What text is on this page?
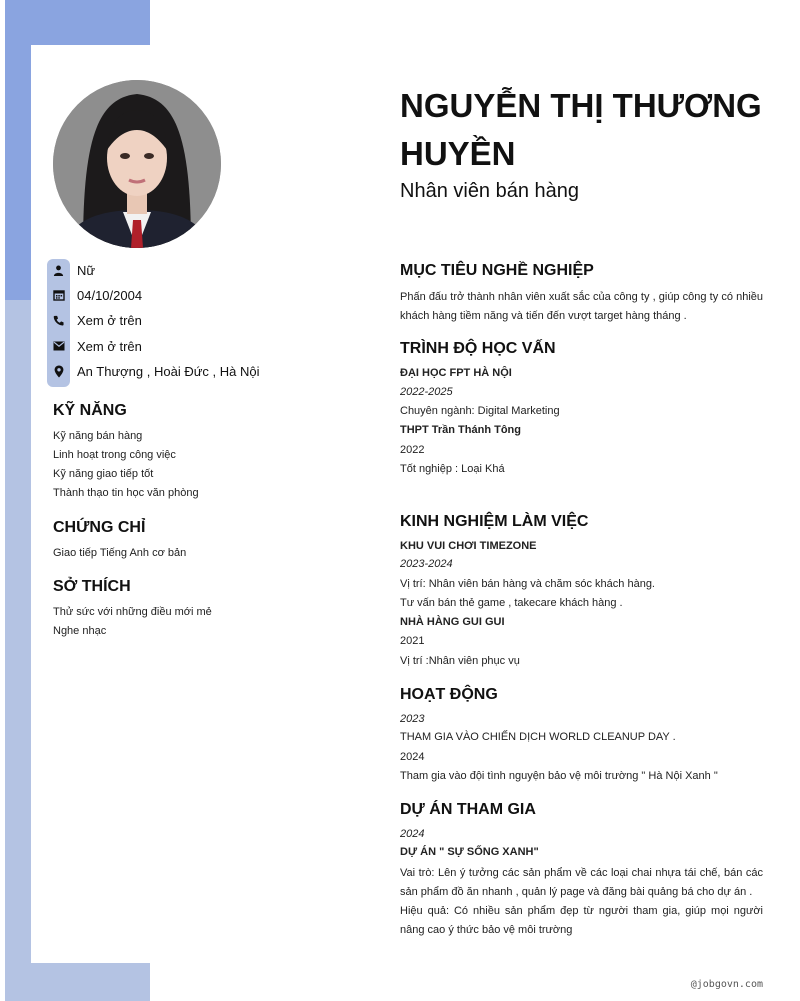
Nữ
04/10/2004
Xem ở trên
Xem ở trên
An Thượng , Hoài Đức , Hà Nội
KỸ NĂNG
Kỹ năng bán hàng
Linh hoạt trong công việc
Kỹ năng giao tiếp tốt
Thành thạo tin học văn phòng
CHỨNG CHỈ
Giao tiếp Tiếng Anh cơ bản
SỞ THÍCH
Thử sức với những điều mới mẻ
Nghe nhạc
NGUYỄN THỊ THƯƠNG HUYỀN
Nhân viên bán hàng
MỤC TIÊU NGHỀ NGHIỆP
Phấn đấu trở thành nhân viên xuất sắc của công ty , giúp công ty có nhiều khách hàng tiềm năng và tiến đến vượt target hàng tháng .
TRÌNH ĐỘ HỌC VẤN
ĐẠI HỌC FPT HÀ NỘI
2022-2025
Chuyên ngành: Digital Marketing
THPT Trần Thánh Tông
2022
Tốt nghiệp : Loại Khá
KINH NGHIỆM LÀM VIỆC
KHU VUI CHƠI TIMEZONE
2023-2024
Vị trí: Nhân viên bán hàng và chăm sóc khách hàng.
Tư vấn bán thẻ game , takecare khách hàng .
NHÀ HÀNG GUI GUI
2021
Vị trí :Nhân viên phục vụ
HOẠT ĐỘNG
2023
THAM GIA VÀO CHIẾN DỊCH WORLD CLEANUP DAY .
2024
Tham gia vào đội tình nguyện bảo vệ môi trường " Hà Nội Xanh "
DỰ ÁN THAM GIA
2024
DỰ ÁN " SỰ SỐNG XANH"
Vai trò: Lên ý tưởng các sản phẩm về các loại chai nhựa tái chế, bán các sản phẩm đồ ăn nhanh , quản lý page và đăng bài quảng bá cho dự án .
Hiệu quả: Có nhiều sản phẩm đẹp từ người tham gia, giúp mọi người nâng cao ý thức bảo vệ môi trường
@jobgovn.com
